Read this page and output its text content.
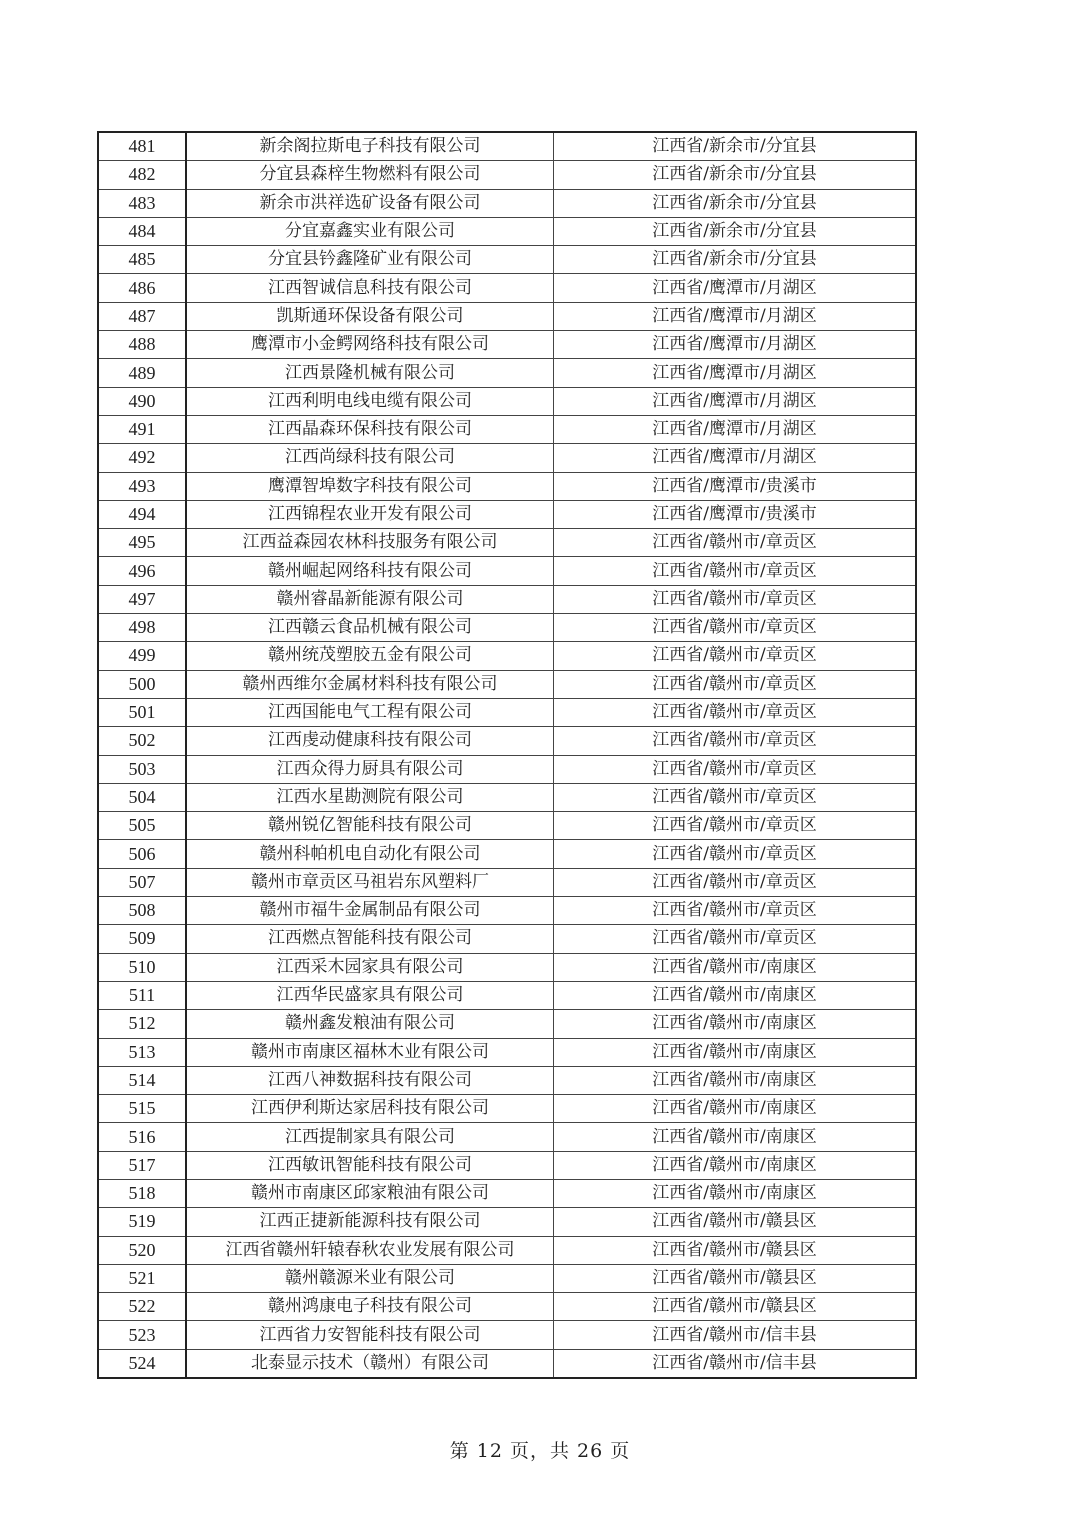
481	新余阁拉斯电子科技有限公司	江西省/新余市/分宜县
482	分宜县森梓生物燃料有限公司	江西省/新余市/分宜县
483	新余市洪祥选矿设备有限公司	江西省/新余市/分宜县
484	分宜嘉鑫实业有限公司	江西省/新余市/分宜县
485	分宜县钤鑫隆矿业有限公司	江西省/新余市/分宜县
486	江西智诚信息科技有限公司	江西省/鹰潭市/月湖区
487	凯斯通环保设备有限公司	江西省/鹰潭市/月湖区
488	鹰潭市小金鳄网络科技有限公司	江西省/鹰潭市/月湖区
489	江西景隆机械有限公司	江西省/鹰潭市/月湖区
490	江西利明电线电缆有限公司	江西省/鹰潭市/月湖区
491	江西晶森环保科技有限公司	江西省/鹰潭市/月湖区
492	江西尚绿科技有限公司	江西省/鹰潭市/月湖区
493	鹰潭智埠数字科技有限公司	江西省/鹰潭市/贵溪市
494	江西锦程农业开发有限公司	江西省/鹰潭市/贵溪市
495	江西益森园农林科技服务有限公司	江西省/赣州市/章贡区
496	赣州崛起网络科技有限公司	江西省/赣州市/章贡区
497	赣州睿晶新能源有限公司	江西省/赣州市/章贡区
498	江西赣云食品机械有限公司	江西省/赣州市/章贡区
499	赣州统茂塑胶五金有限公司	江西省/赣州市/章贡区
500	赣州西维尔金属材料科技有限公司	江西省/赣州市/章贡区
501	江西国能电气工程有限公司	江西省/赣州市/章贡区
502	江西虔动健康科技有限公司	江西省/赣州市/章贡区
503	江西众得力厨具有限公司	江西省/赣州市/章贡区
504	江西水星勘测院有限公司	江西省/赣州市/章贡区
505	赣州锐亿智能科技有限公司	江西省/赣州市/章贡区
506	赣州科帕机电自动化有限公司	江西省/赣州市/章贡区
507	赣州市章贡区马祖岩东风塑料厂	江西省/赣州市/章贡区
508	赣州市福牛金属制品有限公司	江西省/赣州市/章贡区
509	江西燃点智能科技有限公司	江西省/赣州市/章贡区
510	江西采木园家具有限公司	江西省/赣州市/南康区
511	江西华民盛家具有限公司	江西省/赣州市/南康区
512	赣州鑫发粮油有限公司	江西省/赣州市/南康区
513	赣州市南康区福林木业有限公司	江西省/赣州市/南康区
514	江西八神数据科技有限公司	江西省/赣州市/南康区
515	江西伊利斯达家居科技有限公司	江西省/赣州市/南康区
516	江西提制家具有限公司	江西省/赣州市/南康区
517	江西敏讯智能科技有限公司	江西省/赣州市/南康区
518	赣州市南康区邱家粮油有限公司	江西省/赣州市/南康区
519	江西正捷新能源科技有限公司	江西省/赣州市/赣县区
520	江西省赣州轩辕春秋农业发展有限公司	江西省/赣州市/赣县区
521	赣州赣源米业有限公司	江西省/赣州市/赣县区
522	赣州鸿康电子科技有限公司	江西省/赣州市/赣县区
523	江西省力安智能科技有限公司	江西省/赣州市/信丰县
524	北泰显示技术（赣州）有限公司	江西省/赣州市/信丰县
第 12 页，共 26 页
